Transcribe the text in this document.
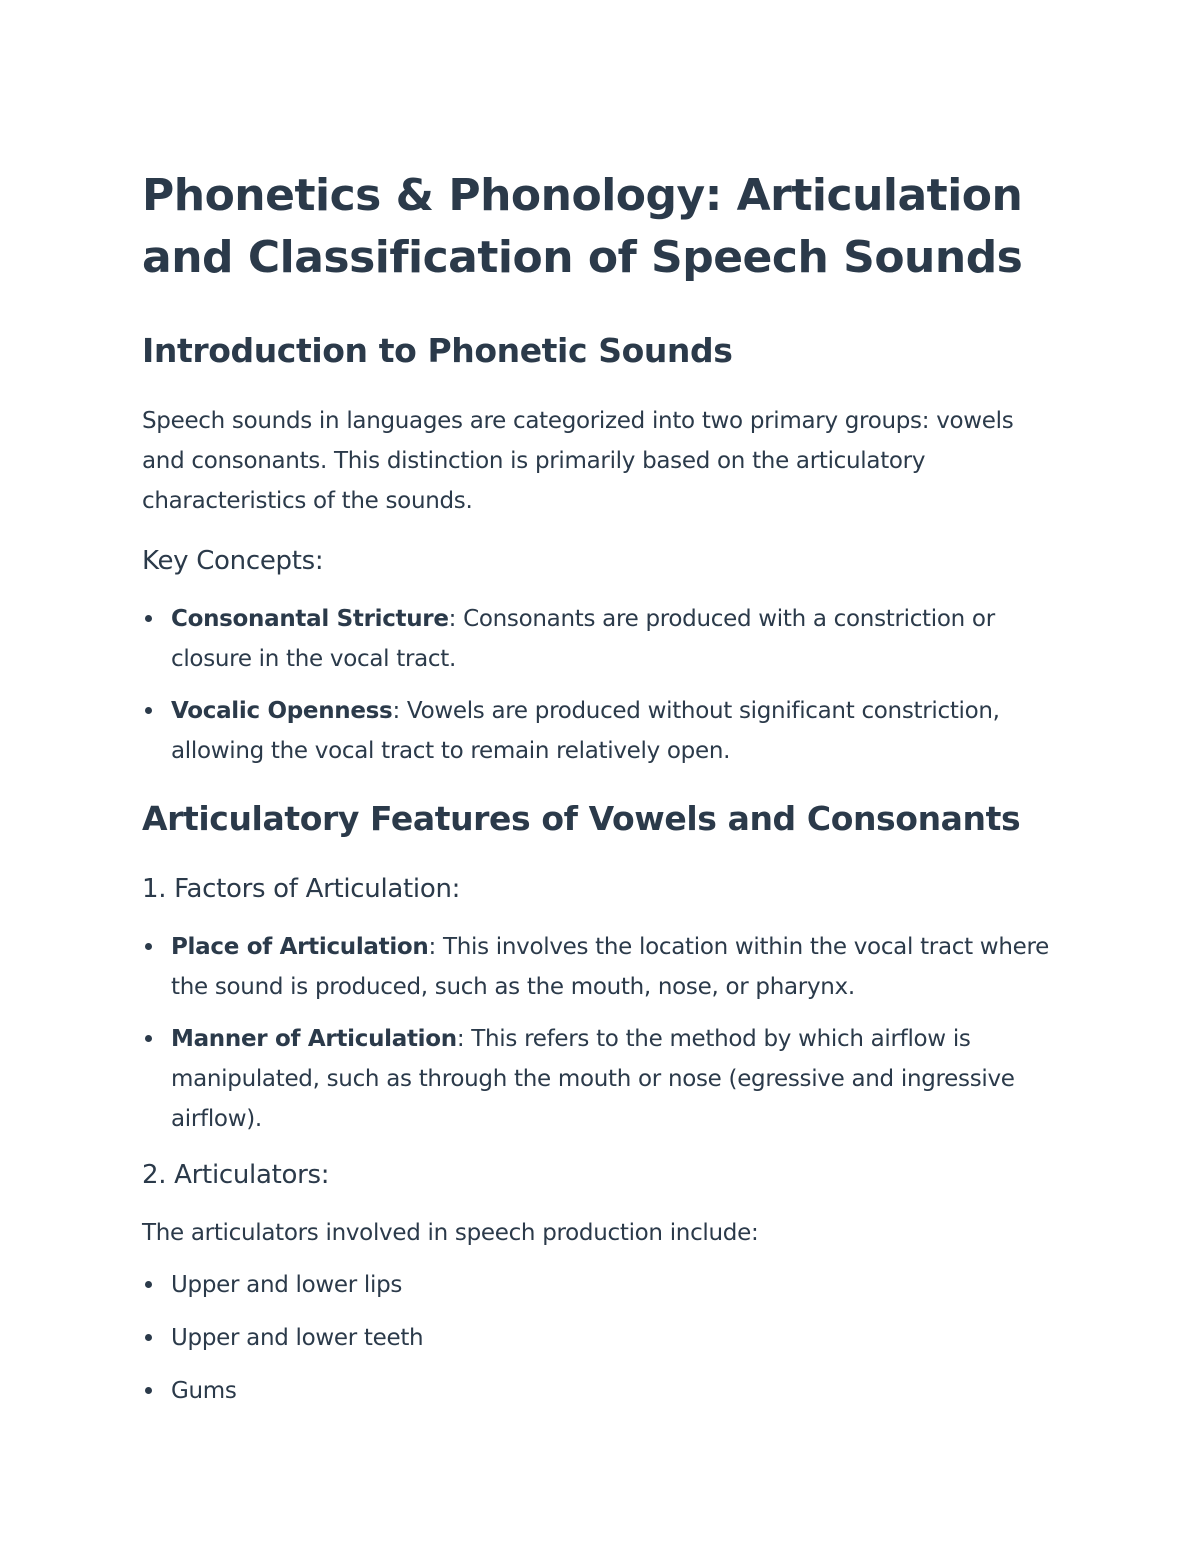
Phonetics & Phonology: Articulation and Classification of Speech Sounds
Introduction to Phonetic Sounds

Speech sounds in languages are categorized into two primary groups: vowels and consonants. This distinction is primarily based on the articulatory characteristics of the sounds.

Key Concepts:
Consonantal Stricture: Consonants are produced with a constriction or closure in the vocal tract.
Vocalic Openness: Vowels are produced without significant constriction, allowing the vocal tract to remain relatively open.
Articulatory Features of Vowels and Consonants
1. Factors of Articulation:
Place of Articulation: This involves the location within the vocal tract where the sound is produced, such as the mouth, nose, or pharynx.
Manner of Articulation: This refers to the method by which airflow is manipulated, such as through the mouth or nose (egressive and ingressive airflow).
2. Articulators:

The articulators involved in speech production include:

Upper and lower lips
Upper and lower teeth
Gums
